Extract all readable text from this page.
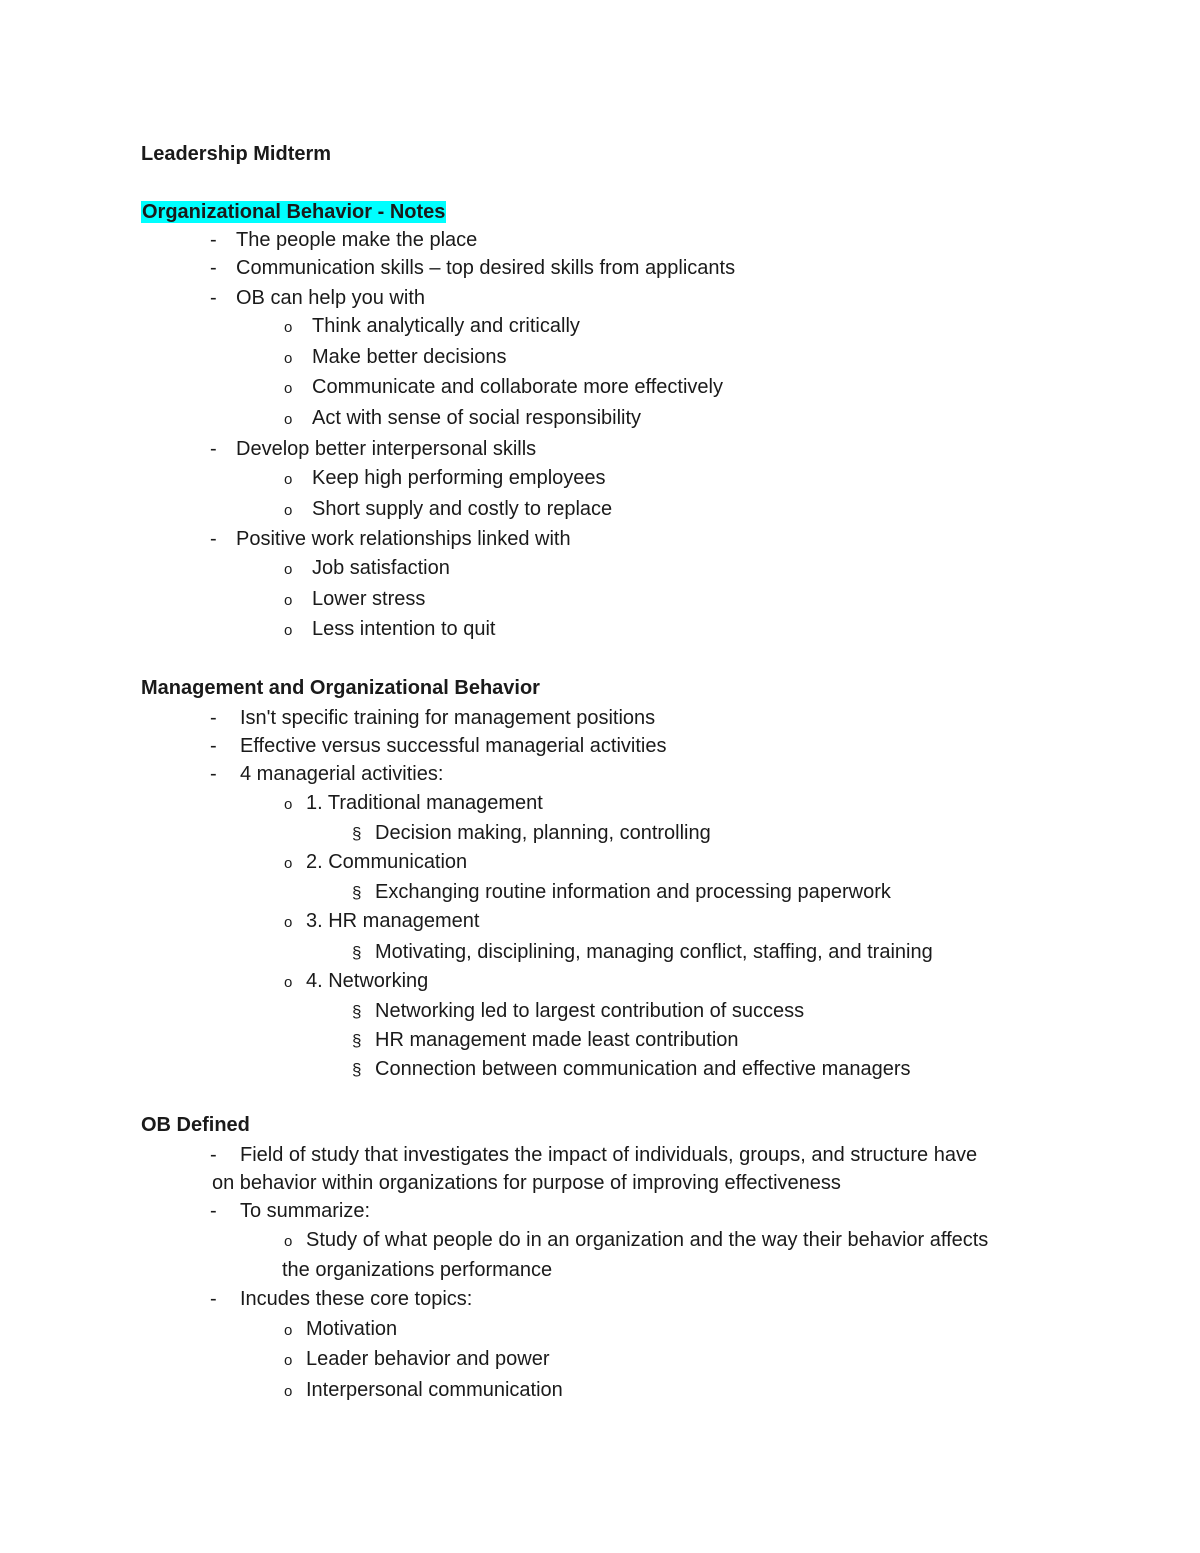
Leadership Midterm
Organizational Behavior - Notes
- The people make the place
- Communication skills – top desired skills from applicants
- OB can help you with
o Think analytically and critically
o Make better decisions
o Communicate and collaborate more effectively
o Act with sense of social responsibility
- Develop better interpersonal skills
o Keep high performing employees
o Short supply and costly to replace
- Positive work relationships linked with
o Job satisfaction
o Lower stress
o Less intention to quit
Management and Organizational Behavior
- Isn't specific training for management positions
- Effective versus successful managerial activities
- 4 managerial activities:
o 1. Traditional management
§ Decision making, planning, controlling
o 2. Communication
§ Exchanging routine information and processing paperwork
o 3. HR management
§ Motivating, disciplining, managing conflict, staffing, and training
o 4. Networking
§ Networking led to largest contribution of success
§ HR management made least contribution
§ Connection between communication and effective managers
OB Defined
- Field of study that investigates the impact of individuals, groups, and structure have
on behavior within organizations for purpose of improving effectiveness
- To summarize:
o Study of what people do in an organization and the way their behavior affects
the organizations performance
- Incudes these core topics:
o Motivation
o Leader behavior and power
o Interpersonal communication
